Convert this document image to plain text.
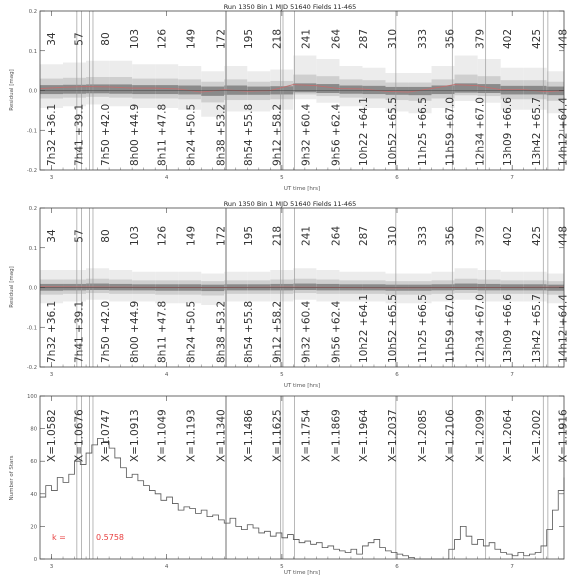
Run 1350 Bin 1 MJD 51640 Fields 11-465
34 57 80 103 126 149 172 195 218 241 264 287 310 333 356 379 402 425 448
7h32 +36.1 7h41 +39.1 7h50 +42.0 8h00 +44.9 8h11 +47.8 8h24 +50.5 8h38 +53.2 8h54 +55.8 9h12 +58.2 9h32 +60.4 9h56 +62.4 10h22 +64.1 10h52 +65.5 11h25 +66.5 11h59 +67.0 12h34 +67.0 13h09 +66.6 13h42 +65.7 14h12 +64.4
3	4	5	6	7
0.2
0.1
0.0
-0.1
-0.2
UT time [hrs]
Residual [mag]
Run 1350 Bin 1 MJD 51640 Fields 11-465
34 57 80 103 126 149 172 195 218 241 264 287 310 333 356 379 402 425 448
7h32 +36.1 7h41 +39.1 7h50 +42.0 8h00 +44.9 8h11 +47.8 8h24 +50.5 8h38 +53.2 8h54 +55.8 9h12 +58.2 9h32 +60.4 9h56 +62.4 10h22 +64.1 10h52 +65.5 11h25 +66.5 11h59 +67.0 12h34 +67.0 13h09 +66.6 13h42 +65.7 14h12 +64.4
3	4	5	6	7
0.2
0.1
0.0
-0.1
-0.2
UT time [hrs]
Residual [mag]
X=1.0582 X=1.0676 X=1.0747 X=1.0913 X=1.1049 X=1.1193 X=1.1340 X=1.1486 X=1.1625 X=1.1754 X=1.1869 X=1.1964 X=1.2037 X=1.2085 X=1.2106 X=1.2099 X=1.2064 X=1.2002 X=1.1916
3	4	5	6	7
100
80
60
40
20
0
UT time [hrs]
Number of Stars
k =	0.5758
